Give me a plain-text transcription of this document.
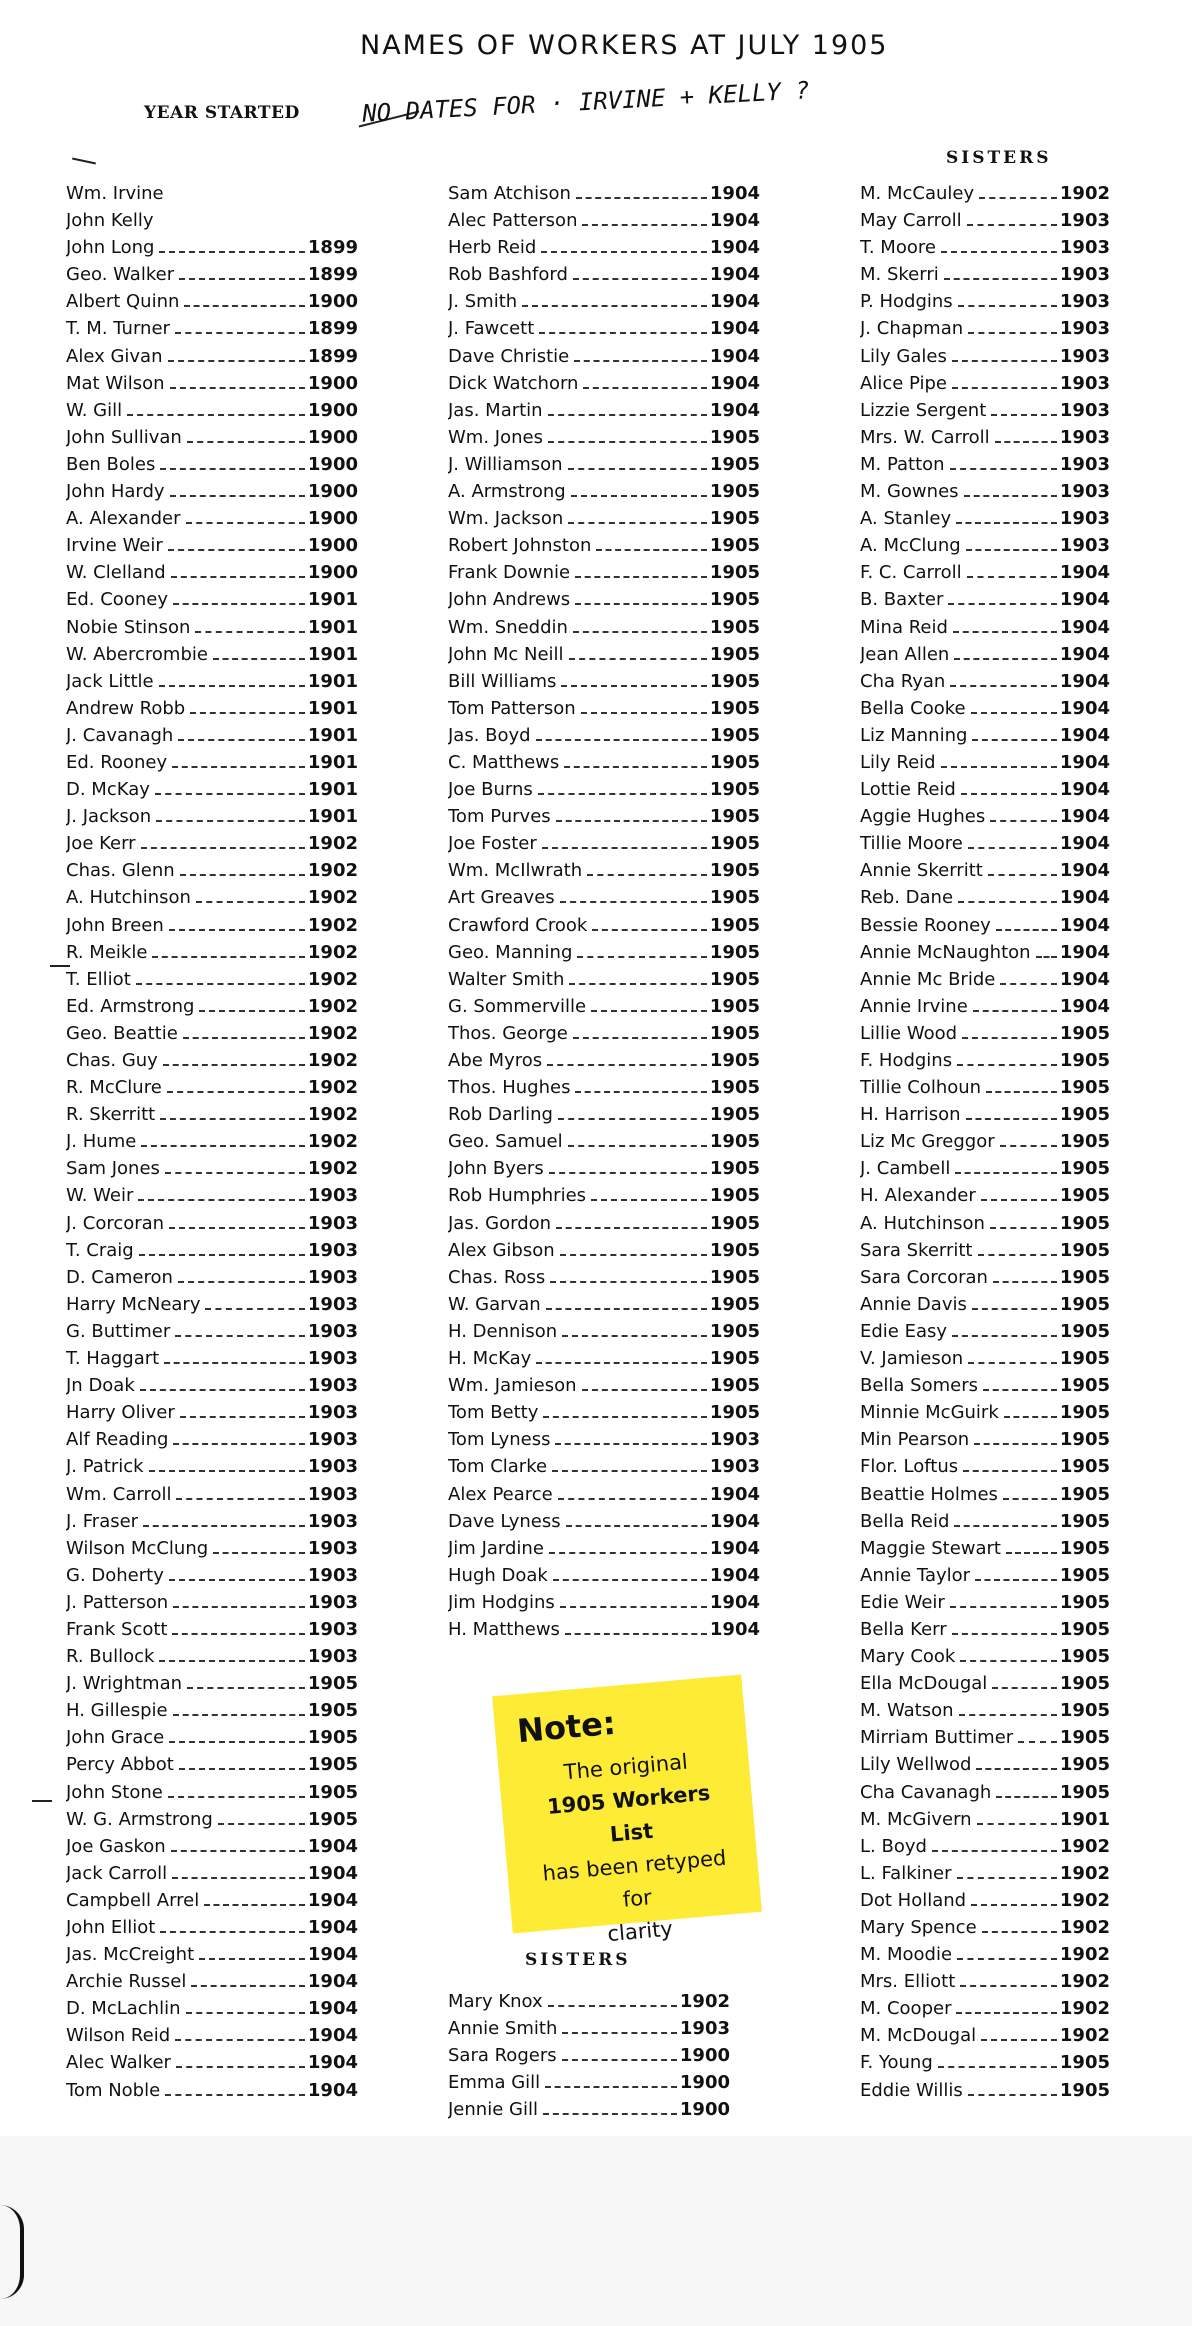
NAMES OF WORKERS AT JULY 1905
YEAR STARTED	NO DATES FOR · IRVINE + KELLY ?
SISTERS
SISTERS
Wm. Irvine
John Kelly
John Long	1899
Geo. Walker	1899
Albert Quinn	1900
T. M. Turner	1899
Alex Givan	1899
Mat Wilson	1900
W. Gill	1900
John Sullivan	1900
Ben Boles	1900
John Hardy	1900
A. Alexander	1900
Irvine Weir	1900
W. Clelland	1900
Ed. Cooney	1901
Nobie Stinson	1901
W. Abercrombie	1901
Jack Little	1901
Andrew Robb	1901
J. Cavanagh	1901
Ed. Rooney	1901
D. McKay	1901
J. Jackson	1901
Joe Kerr	1902
Chas. Glenn	1902
A. Hutchinson	1902
John Breen	1902
R. Meikle	1902
T. Elliot	1902
Ed. Armstrong	1902
Geo. Beattie	1902
Chas. Guy	1902
R. McClure	1902
R. Skerritt	1902
J. Hume	1902
Sam Jones	1902
W. Weir	1903
J. Corcoran	1903
T. Craig	1903
D. Cameron	1903
Harry McNeary	1903
G. Buttimer	1903
T. Haggart	1903
Jn Doak	1903
Harry Oliver	1903
Alf Reading	1903
J. Patrick	1903
Wm. Carroll	1903
J. Fraser	1903
Wilson McClung	1903
G. Doherty	1903
J. Patterson	1903
Frank Scott	1903
R. Bullock	1903
J. Wrightman	1905
H. Gillespie	1905
John Grace	1905
Percy Abbot	1905
John Stone	1905
W. G. Armstrong	1905
Joe Gaskon	1904
Jack Carroll	1904
Campbell Arrel	1904
John Elliot	1904
Jas. McCreight	1904
Archie Russel	1904
D. McLachlin	1904
Wilson Reid	1904
Alec Walker	1904
Tom Noble	1904
Sam Atchison	1904
Alec Patterson	1904
Herb Reid	1904
Rob Bashford	1904
J. Smith	1904
J. Fawcett	1904
Dave Christie	1904
Dick Watchorn	1904
Jas. Martin	1904
Wm. Jones	1905
J. Williamson	1905
A. Armstrong	1905
Wm. Jackson	1905
Robert Johnston	1905
Frank Downie	1905
John Andrews	1905
Wm. Sneddin	1905
John Mc Neill	1905
Bill Williams	1905
Tom Patterson	1905
Jas. Boyd	1905
C. Matthews	1905
Joe Burns	1905
Tom Purves	1905
Joe Foster	1905
Wm. McIlwrath	1905
Art Greaves	1905
Crawford Crook	1905
Geo. Manning	1905
Walter Smith	1905
G. Sommerville	1905
Thos. George	1905
Abe Myros	1905
Thos. Hughes	1905
Rob Darling	1905
Geo. Samuel	1905
John Byers	1905
Rob Humphries	1905
Jas. Gordon	1905
Alex Gibson	1905
Chas. Ross	1905
W. Garvan	1905
H. Dennison	1905
H. McKay	1905
Wm. Jamieson	1905
Tom Betty	1905
Tom Lyness	1903
Tom Clarke	1903
Alex Pearce	1904
Dave Lyness	1904
Jim Jardine	1904
Hugh Doak	1904
Jim Hodgins	1904
H. Matthews	1904
M. McCauley	1902
May Carroll	1903
T. Moore	1903
M. Skerri	1903
P. Hodgins	1903
J. Chapman	1903
Lily Gales	1903
Alice Pipe	1903
Lizzie Sergent	1903
Mrs. W. Carroll	1903
M. Patton	1903
M. Gownes	1903
A. Stanley	1903
A. McClung	1903
F. C. Carroll	1904
B. Baxter	1904
Mina Reid	1904
Jean Allen	1904
Cha Ryan	1904
Bella Cooke	1904
Liz Manning	1904
Lily Reid	1904
Lottie Reid	1904
Aggie Hughes	1904
Tillie Moore	1904
Annie Skerritt	1904
Reb. Dane	1904
Bessie Rooney	1904
Annie McNaughton 1904
Annie Mc Bride	1904
Annie Irvine	1904
Lillie Wood	1905
F. Hodgins	1905
Tillie Colhoun	1905
H. Harrison	1905
Liz Mc Greggor	1905
J. Cambell	1905
H. Alexander	1905
A. Hutchinson	1905
Sara Skerritt	1905
Sara Corcoran	1905
Annie Davis	1905
Edie Easy	1905
V. Jamieson	1905
Bella Somers	1905
Minnie McGuirk	1905
Min Pearson	1905
Flor. Loftus	1905
Beattie Holmes	1905
Bella Reid	1905
Maggie Stewart	1905
Annie Taylor	1905
Edie Weir	1905
Bella Kerr	1905
Mary Cook	1905
Ella McDougal	1905
M. Watson	1905
Mirriam Buttimer	1905
Lily Wellwod	1905
Cha Cavanagh	1905
M. McGivern	1901
L. Boyd	1902
L. Falkiner	1902
Dot Holland	1902
Mary Spence	1902
M. Moodie	1902
Mrs. Elliott	1902
M. Cooper	1902
M. McDougal	1902
F. Young	1905
Eddie Willis	1905
Mary Knox	1902
Annie Smith	1903
Sara Rogers	1900
Emma Gill	1900
Jennie Gill	1900
Note:
The original
1905 Workers List
has been retyped for
clarity
